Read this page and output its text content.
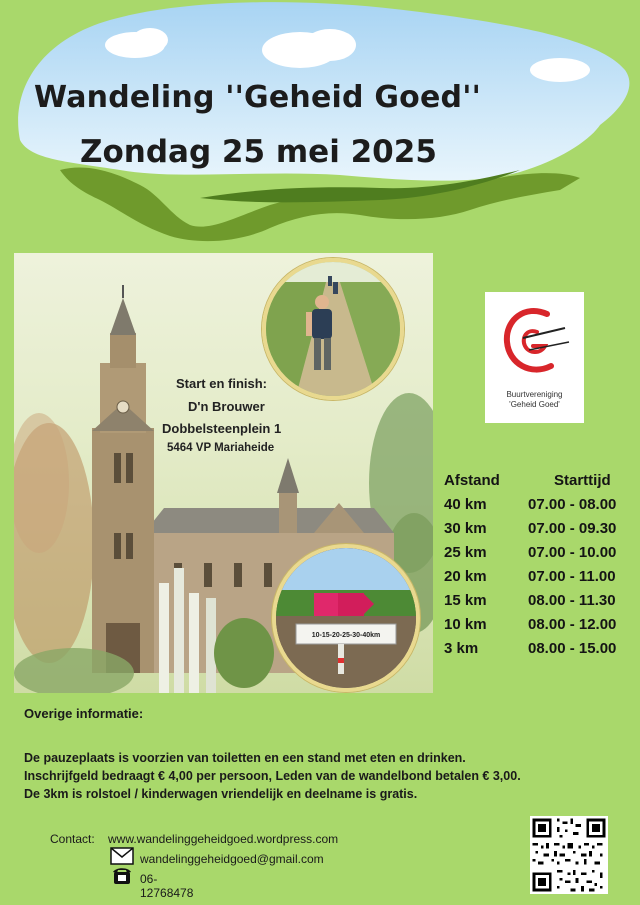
Wandeling ''Geheid Goed''
Zondag 25 mei 2025
Start en finish:
D'n Brouwer
Dobbelsteenplein 1
5464 VP Mariaheide
10-15-20-25-30-40km
Buurtvereniging
'Geheid Goed'
Afstand	Starttijd
40 km	07.00 - 08.00
30 km	07.00 - 09.30
25 km	07.00 - 10.00
20 km	07.00 - 11.00
15 km	08.00 - 11.30
10 km	08.00 - 12.00
3 km	08.00 - 15.00
Overige informatie:
De pauzeplaats is voorzien van toiletten en een stand met eten en drinken.
Inschrijfgeld bedraagt € 4,00 per persoon, Leden van de wandelbond betalen € 3,00.
De 3km is rolstoel / kinderwagen vriendelijk en deelname is gratis.
Contact: www.wandelinggeheidgoed.wordpress.com
wandelinggeheidgoed@gmail.com
06-12768478
